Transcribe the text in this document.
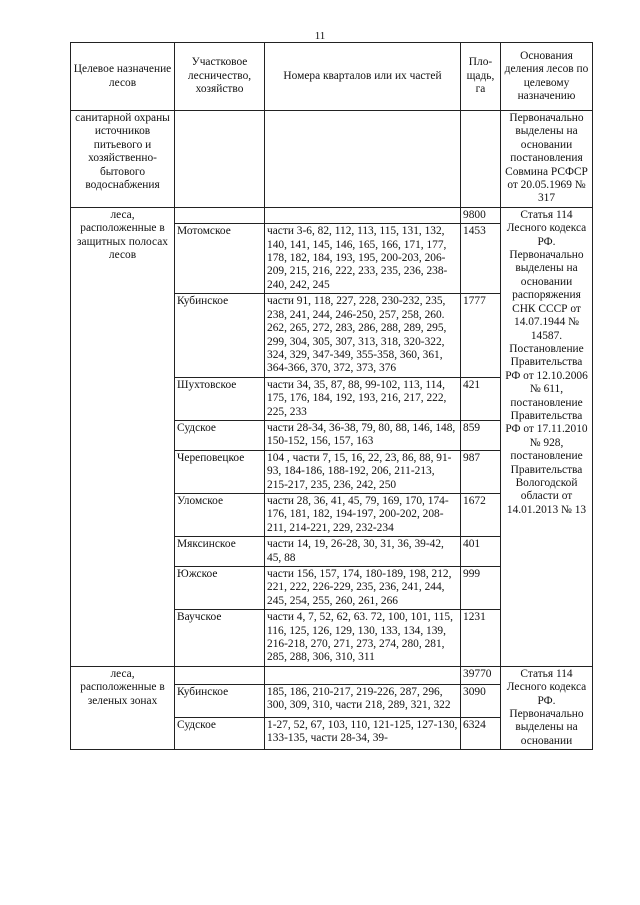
11
Целевое назначение лесов	Участковое лесничество, хозяйство	Номера кварталов или их частей	Пло-щадь, га	Основания деления лесов по целевому назначению
санитарной охраны источников питьевого и хозяйственно-бытового водоснабжения				Первоначально выделены на основании постановления Совмина РСФСР от 20.05.1969 № 317
леса, расположенные в защитных полосах лесов			9800	Статья 114 Лесного кодекса РФ. Первоначально выделены на основании распоряжения СНК СССР от 14.07.1944 № 14587. Постановление Правительства РФ от 12.10.2006 № 611, постановление Правительства РФ от 17.11.2010 № 928, постановление Правительства Вологодской области от 14.01.2013 № 13
	Мотомское	части 3-6, 82, 112, 113, 115, 131, 132, 140, 141, 145, 146, 165, 166, 171, 177, 178, 182, 184, 193, 195, 200-203, 206-209, 215, 216, 222, 233, 235, 236, 238-240, 242, 245	1453	
	Кубинское	части 91, 118, 227, 228, 230-232, 235, 238, 241, 244, 246-250, 257, 258, 260. 262, 265, 272, 283, 286, 288, 289, 295, 299, 304, 305, 307, 313, 318, 320-322, 324, 329, 347-349, 355-358, 360, 361, 364-366, 370, 372, 373, 376	1777	
	Шухтовское	части 34, 35, 87, 88, 99-102, 113, 114, 175, 176, 184, 192, 193, 216, 217, 222, 225, 233	421	
	Судское	части 28-34, 36-38, 79, 80, 88, 146, 148, 150-152, 156, 157, 163	859	
	Череповецкое	104 , части 7, 15, 16, 22, 23, 86, 88, 91-93, 184-186, 188-192, 206, 211-213, 215-217, 235, 236, 242, 250	987	
	Уломское	части 28, 36, 41, 45, 79, 169, 170, 174-176, 181, 182, 194-197, 200-202, 208-211, 214-221, 229, 232-234	1672	
	Мяксинское	части 14, 19, 26-28, 30, 31, 36, 39-42, 45, 88	401	
	Южское	части 156, 157, 174, 180-189, 198, 212, 221, 222, 226-229, 235, 236, 241, 244, 245, 254, 255, 260, 261, 266	999	
	Ваучское	части 4, 7, 52, 62, 63. 72, 100, 101, 115, 116, 125, 126, 129, 130, 133, 134, 139, 216-218, 270, 271, 273, 274, 280, 281, 285, 288, 306, 310, 311	1231	
леса, расположенные в зеленых зонах			39770	Статья 114 Лесного кодекса РФ. Первоначально выделены на основании
	Кубинское	185, 186, 210-217, 219-226, 287, 296, 300, 309, 310, части 218, 289, 321, 322	3090	
	Судское	1-27, 52, 67, 103, 110, 121-125, 127-130, 133-135, части 28-34, 39-	6324	
